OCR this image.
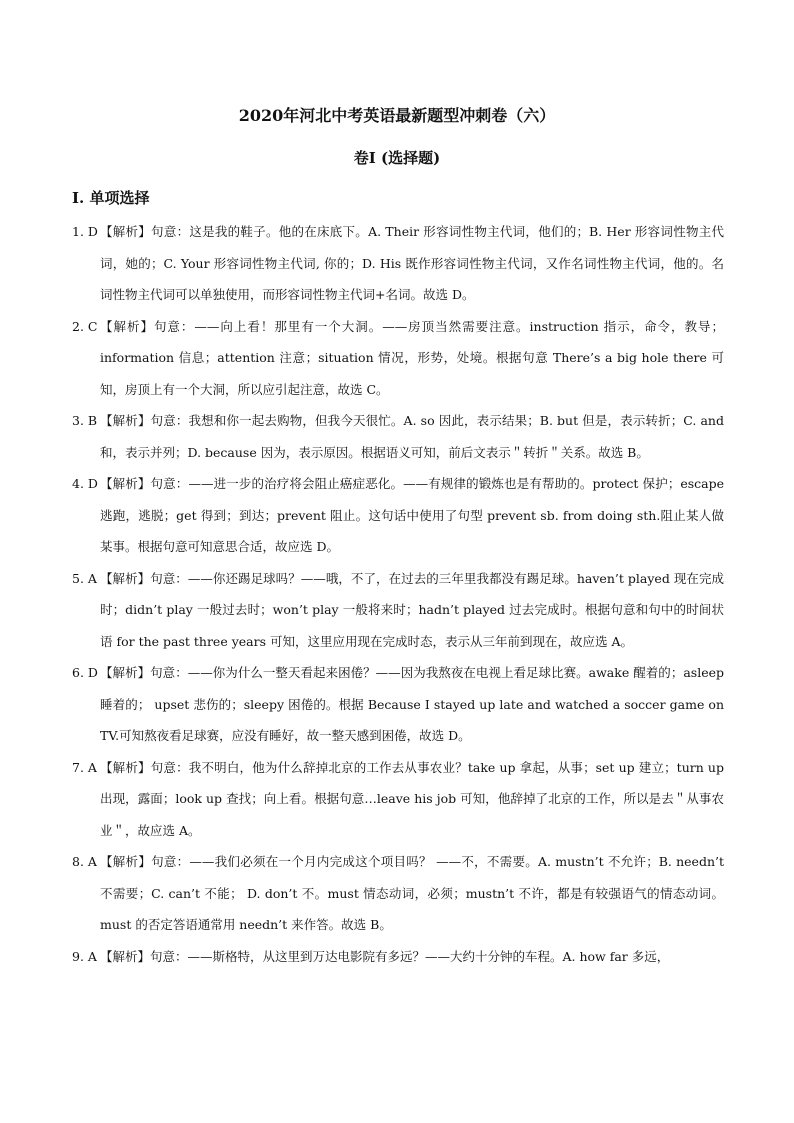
2020年河北中考英语最新题型冲刺卷（六）
卷I (选择题)
I. 单项选择
1. D 【解析】句意：这是我的鞋子。他的在床底下。A. Their 形容词性物主代词，他们的；B. Her 形容词性物主代词，她的；C. Your 形容词性物主代词, 你的；D. His 既作形容词性物主代词，又作名词性物主代词，他的。名词性物主代词可以单独使用，而形容词性物主代词+名词。故选 D。
2. C 【解析】句意：——向上看！那里有一个大洞。——房顶当然需要注意。instruction 指示，命令，教导；information 信息；attention 注意；situation 情况，形势，处境。根据句意 There’s a big hole there 可知，房顶上有一个大洞，所以应引起注意，故选 C。
3. B 【解析】句意：我想和你一起去购物，但我今天很忙。A. so 因此，表示结果；B. but 但是，表示转折；C. and 和，表示并列；D. because 因为，表示原因。根据语义可知，前后文表示＂转折＂关系。故选 B。
4. D 【解析】句意：——进一步的治疗将会阻止癌症恶化。——有规律的锻炼也是有帮助的。protect 保护；escape 逃跑，逃脱；get 得到；到达；prevent 阻止。这句话中使用了句型 prevent sb. from doing sth.阻止某人做某事。根据句意可知意思合适，故应选 D。
5. A 【解析】句意：——你还踢足球吗？——哦，不了，在过去的三年里我都没有踢足球。haven’t played 现在完成时；didn’t play 一般过去时；won’t play 一般将来时；hadn’t played 过去完成时。根据句意和句中的时间状语 for the past three years 可知，这里应用现在完成时态，表示从三年前到现在，故应选 A。
6. D 【解析】句意：——你为什么一整天看起来困倦？——因为我熬夜在电视上看足球比赛。awake 醒着的；asleep 睡着的； upset 悲伤的；sleepy 困倦的。根据 Because I stayed up late and watched a soccer game on TV.可知熬夜看足球赛，应没有睡好，故一整天感到困倦，故选 D。
7. A 【解析】句意：我不明白，他为什么辞掉北京的工作去从事农业？take up 拿起，从事；set up 建立；turn up 出现，露面；look up 查找；向上看。根据句意…leave his job 可知，他辞掉了北京的工作，所以是去＂从事农业＂，故应选 A。
8. A 【解析】句意：——我们必须在一个月内完成这个项目吗？ ——不，不需要。A. mustn’t 不允许；B. needn’t 不需要；C. can’t 不能； D. don’t 不。must 情态动词，必须；mustn’t 不许，都是有较强语气的情态动词。must 的否定答语通常用 needn’t 来作答。故选 B。
9. A 【解析】句意：——斯格特，从这里到万达电影院有多远？——大约十分钟的车程。A. how far 多远，
